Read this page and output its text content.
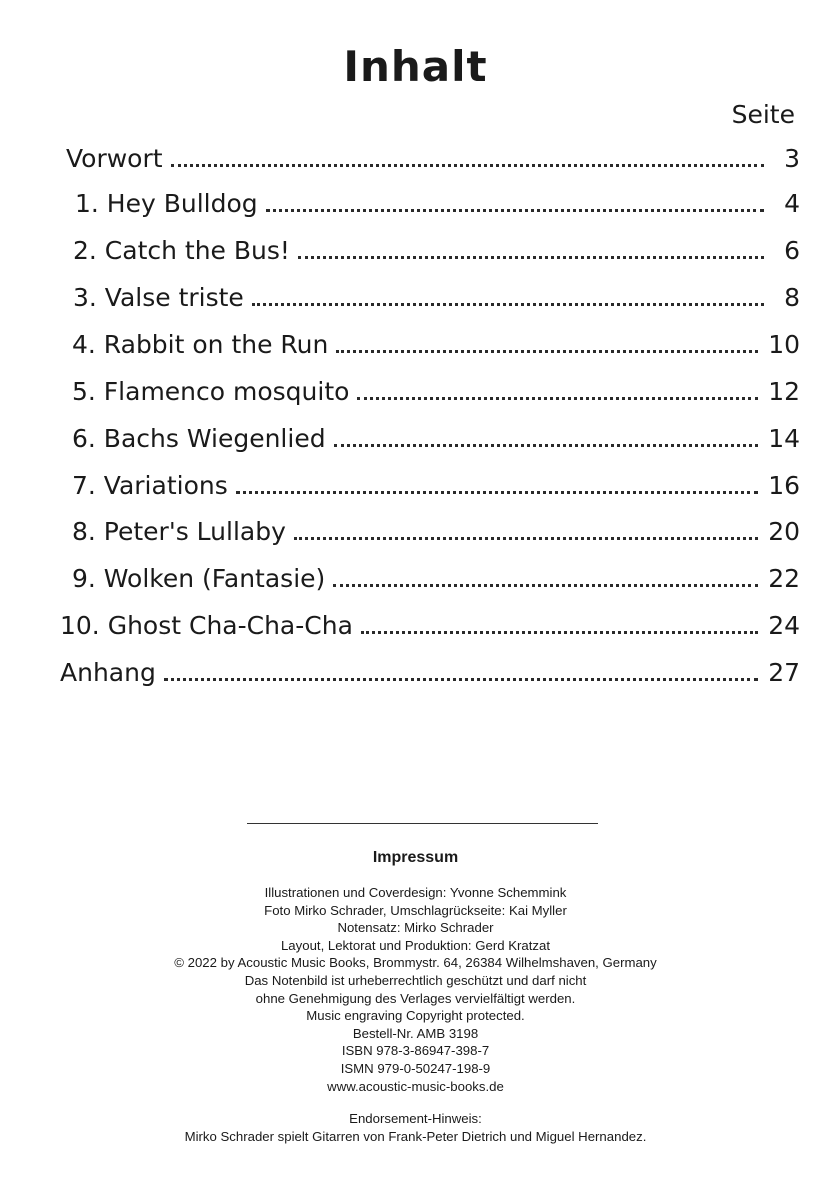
Inhalt
Seite
Vorwort	3
1. Hey Bulldog	4
2. Catch the Bus!	6
3. Valse triste	8
4. Rabbit on the Run	10
5. Flamenco mosquito	12
6. Bachs Wiegenlied	14
7. Variations	16
8. Peter's Lullaby	20
9. Wolken (Fantasie)	22
10. Ghost Cha-Cha-Cha	24
Anhang	27
Impressum
Illustrationen und Coverdesign: Yvonne Schemmink
Foto Mirko Schrader, Umschlagrückseite: Kai Myller
Notensatz: Mirko Schrader
Layout, Lektorat und Produktion: Gerd Kratzat
© 2022 by Acoustic Music Books, Brommystr. 64, 26384 Wilhelmshaven, Germany
Das Notenbild ist urheberrechtlich geschützt und darf nicht
ohne Genehmigung des Verlages vervielfältigt werden.
Music engraving Copyright protected.
Bestell-Nr. AMB 3198
ISBN 978-3-86947-398-7
ISMN 979-0-50247-198-9
www.acoustic-music-books.de
Endorsement-Hinweis:
Mirko Schrader spielt Gitarren von Frank-Peter Dietrich und Miguel Hernandez.
